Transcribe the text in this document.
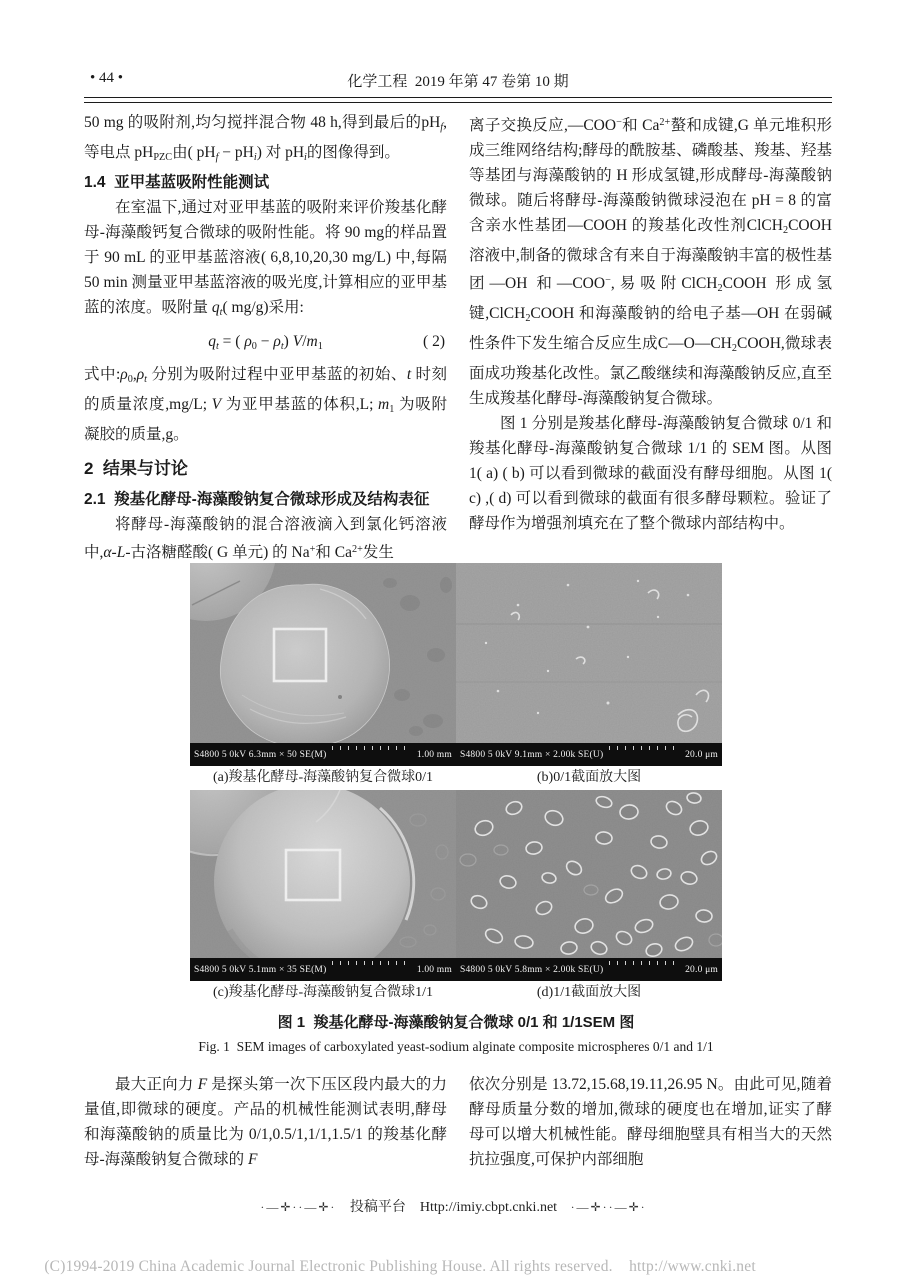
• 44 •	化学工程  2019 年第 47 卷第 10 期

50 mg 的吸附剂,均匀搅拌混合物 48 h,得到最后的pHf,等电点 pHPZC由( pHf − pHi) 对 pHi的图像得到。

1.4  亚甲基蓝吸附性能测试

在室温下,通过对亚甲基蓝的吸附来评价羧基化酵母-海藻酸钙复合微球的吸附性能。将 90 mg的样品置于 90 mL 的亚甲基蓝溶液( 6,8,10,20,30 mg/L) 中,每隔 50 min 测量亚甲基蓝溶液的吸光度,计算相应的亚甲基蓝的浓度。吸附量 qt( mg/g)采用:

qt = ( ρ0 − ρt) V/m1	( 2)

式中:ρ0,ρt 分别为吸附过程中亚甲基蓝的初始、t 时刻的质量浓度,mg/L; V 为亚甲基蓝的体积,L; m1 为吸附凝胶的质量,g。

2  结果与讨论
2.1  羧基化酵母-海藻酸钠复合微球形成及结构表征

将酵母-海藻酸钠的混合溶液滴入到氯化钙溶液中,α-L-古洛糖醛酸( G 单元) 的 Na+和 $Ca^{2+}$发生

离子交换反应,—COO−和 $Ca^{2+}$螯和成键,G 单元堆积形成三维网络结构;酵母的酰胺基、磷酸基、羧基、羟基等基团与海藻酸钠的 H 形成氢键,形成酵母-海藻酸钠微球。随后将酵母-海藻酸钠微球浸泡在 pH = 8 的富含亲水性基团—COOH 的羧基化改性剂ClCH2COOH 溶液中,制备的微球含有来自于海藻酸钠丰富的极性基团—OH 和—COO−,易吸附ClCH2COOH 形成氢键,ClCH2COOH 和海藻酸钠的给电子基—OH 在弱碱性条件下发生缩合反应生成C—O—CH2COOH,微球表面成功羧基化改性。氯乙酸继续和海藻酸钠反应,直至生成羧基化酵母-海藻酸钠复合微球。

图 1 分别是羧基化酵母-海藻酸钠复合微球 0/1 和羧基化酵母-海藻酸钠复合微球 1/1 的 SEM 图。从图 1( a) ( b) 可以看到微球的截面没有酵母细胞。从图 1( c) ,( d) 可以看到微球的截面有很多酵母颗粒。验证了酵母作为增强剂填充在了整个微球内部结构中。

S4800 5 0kV 6.3mm × 50 SE(M)	1.00 mm S4800 5 0kV 9.1mm × 2.00k SE(U)	20.0 μm
(a)羧基化酵母-海藻酸钠复合微球0/1	(b)0/1截面放大图
S4800 5 0kV 5.1mm × 35 SE(M)	1.00 mm S4800 5 0kV 5.8mm × 2.00k SE(U)	20.0 μm
(c)羧基化酵母-海藻酸钠复合微球1/1	(d)1/1截面放大图
图 1  羧基化酵母-海藻酸钠复合微球 0/1 和 1/1SEM 图
Fig. 1  SEM images of carboxylated yeast-sodium alginate composite microspheres 0/1 and 1/1

最大正向力 F 是探头第一次下压区段内最大的力量值,即微球的硬度。产品的机械性能测试表明,酵母和海藻酸钠的质量比为 0/1,0.5/1,1/1,1.5/1 的羧基化酵母-海藻酸钠复合微球的 F

依次分别是 13.72,15.68,19.11,26.95 N。由此可见,随着酵母质量分数的增加,微球的硬度也在增加,证实了酵母可以增大机械性能。酵母细胞壁具有相当大的天然抗拉强度,可保护内部细胞

·—✛··—✛· 投稿平台 Http://imiy.cbpt.cnki.net ·—✛··—✛·

(C)1994-2019 China Academic Journal Electronic Publishing House. All rights reserved.    http://www.cnki.net
